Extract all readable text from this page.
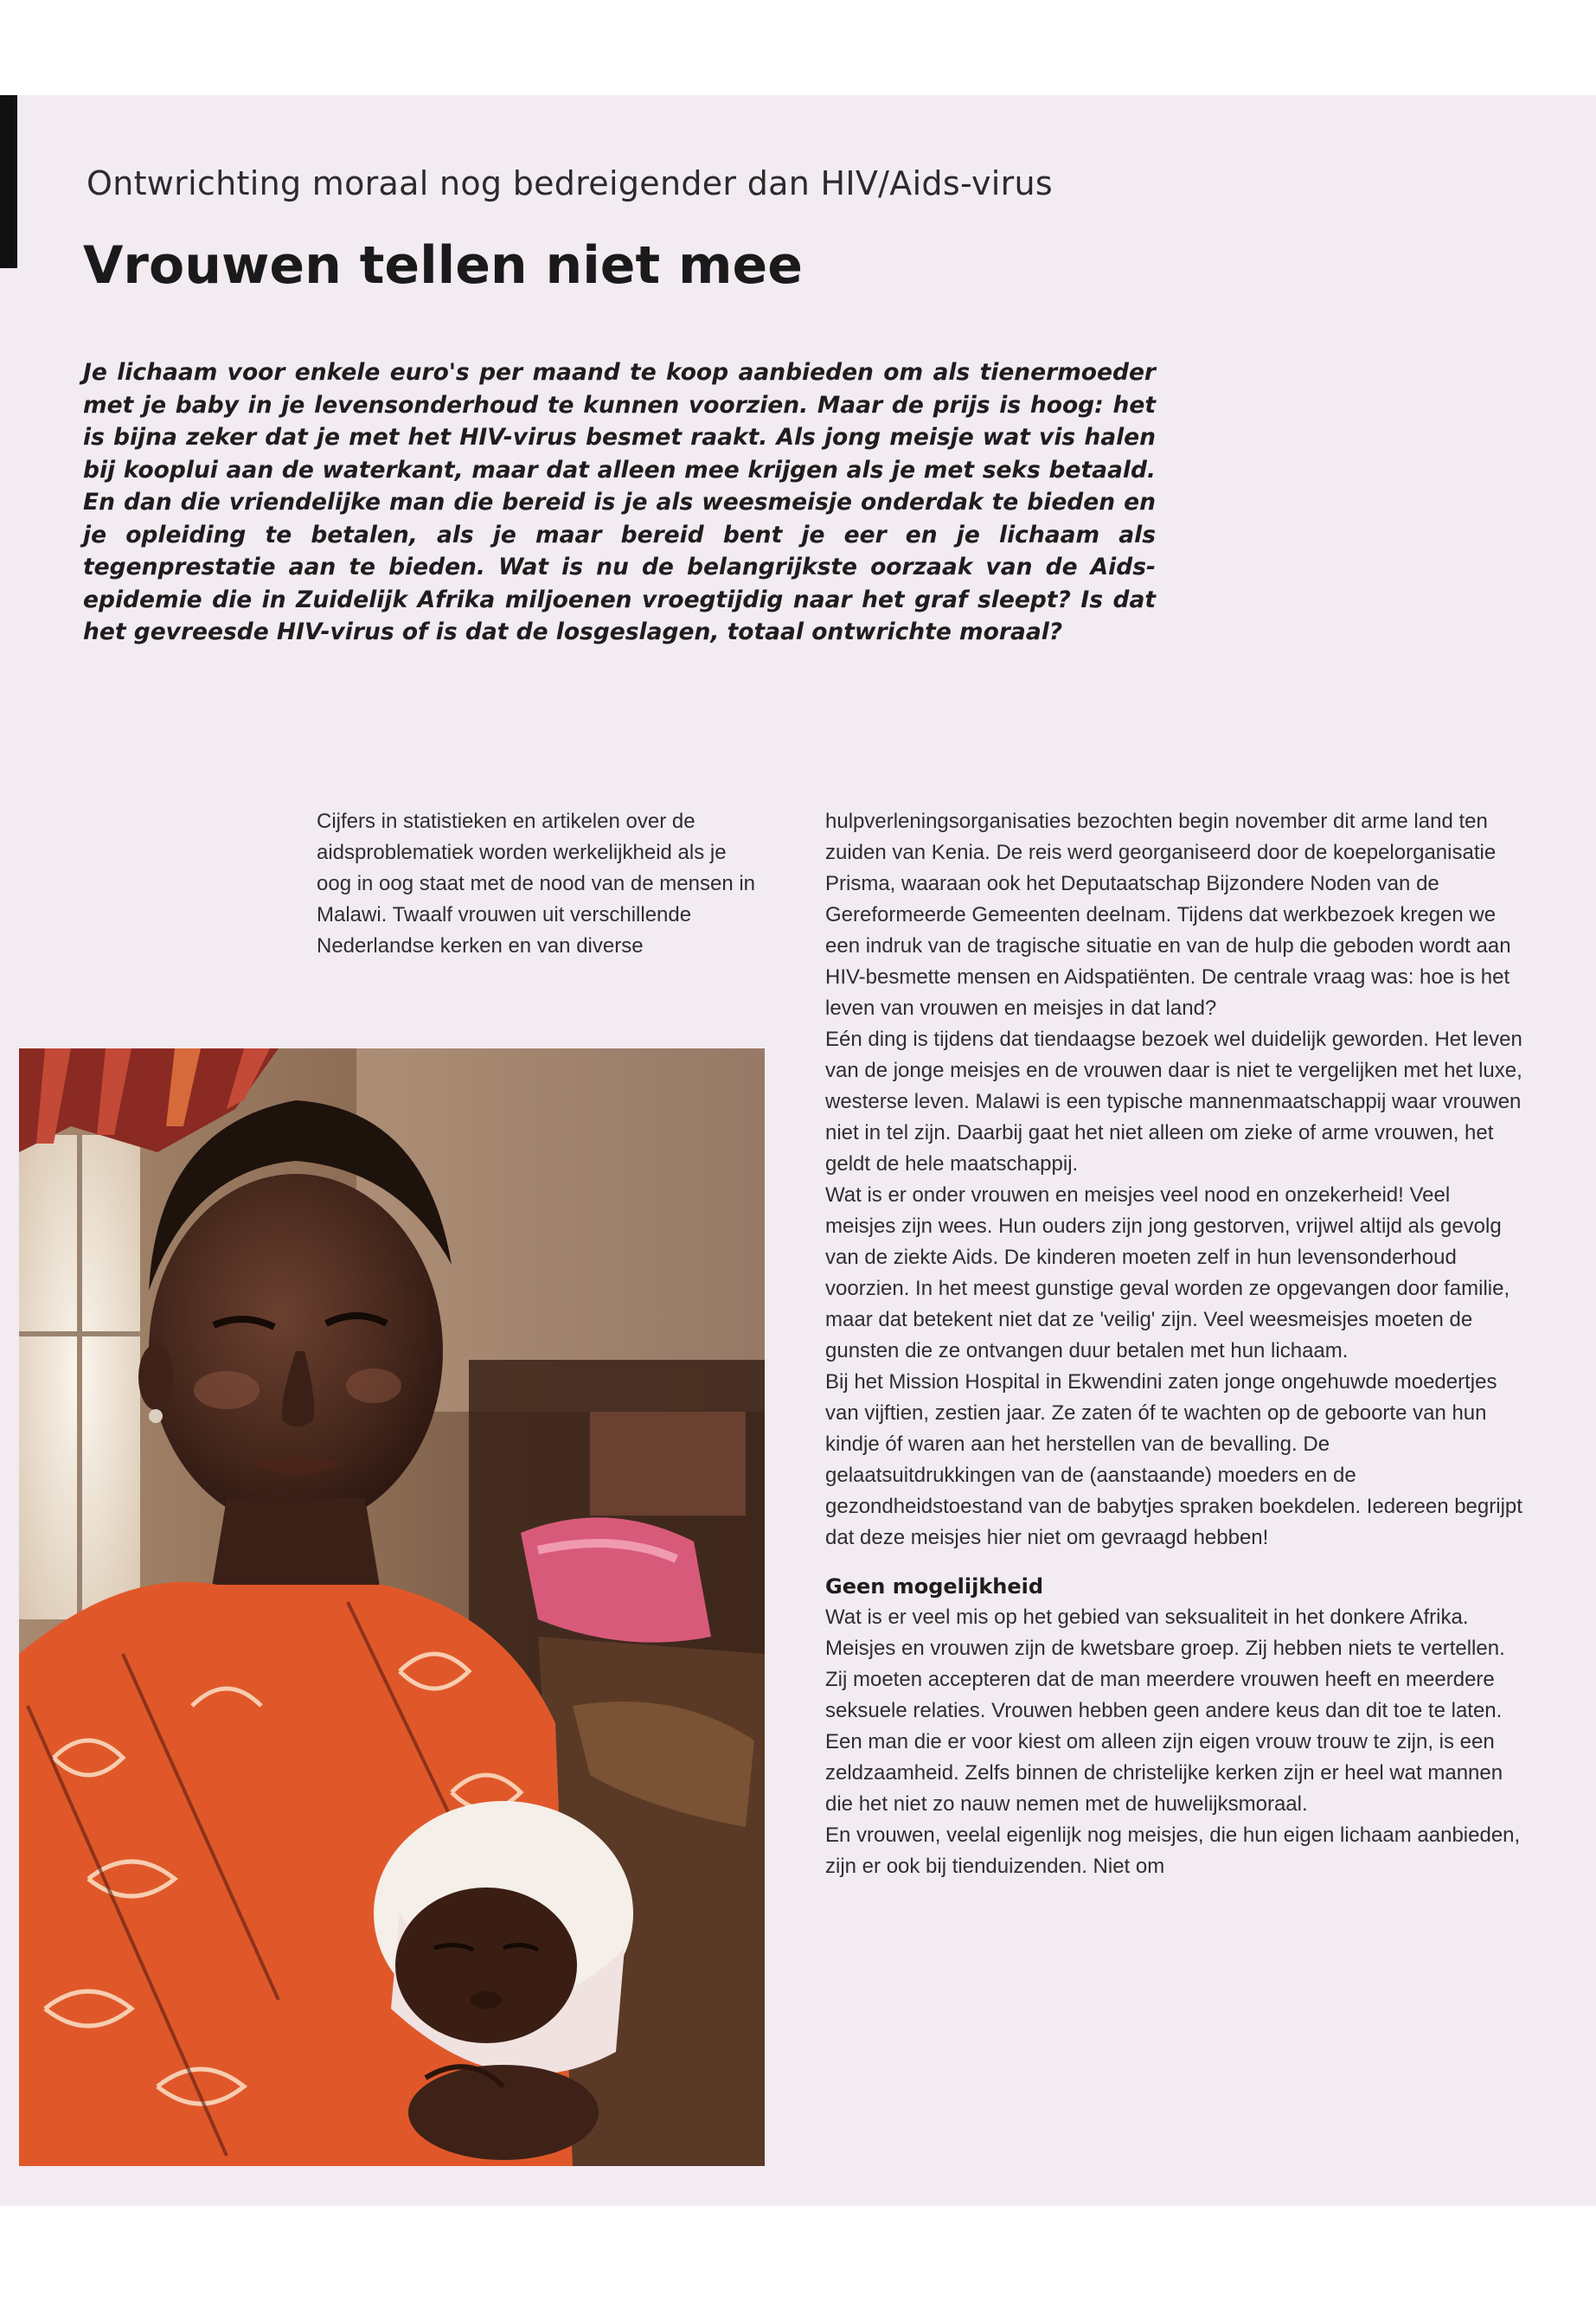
Ontwrichting moraal nog bedreigender dan HIV/Aids-virus
Vrouwen tellen niet mee
Je lichaam voor enkele euro's per maand te koop aanbieden om als tienermoeder met je baby in je levensonderhoud te kunnen voorzien. Maar de prijs is hoog: het is bijna zeker dat je met het HIV-virus besmet raakt. Als jong meisje wat vis halen bij kooplui aan de waterkant, maar dat alleen mee krijgen als je met seks betaald. En dan die vriendelijke man die bereid is je als weesmeisje onderdak te bieden en je opleiding te betalen, als je maar bereid bent je eer en je lichaam als tegenprestatie aan te bieden. Wat is nu de belangrijkste oorzaak van de Aids-epidemie die in Zuidelijk Afrika miljoenen vroegtijdig naar het graf sleept? Is dat het gevreesde HIV-virus of is dat de losgeslagen, totaal ontwrichte moraal?
Cijfers in statistieken en artikelen over de aidsproblematiek worden werkelijkheid als je oog in oog staat met de nood van de mensen in Malawi. Twaalf vrouwen uit verschillende Nederlandse kerken en van diverse

hulpverleningsorganisaties bezochten begin november dit arme land ten zuiden van Kenia. De reis werd georganiseerd door de koepelorganisatie Prisma, waaraan ook het Deputaatschap Bijzondere Noden van de Gereformeerde Gemeenten deelnam. Tijdens dat werkbezoek kregen we een indruk van de tragische situatie en van de hulp die geboden wordt aan HIV-besmette mensen en Aidspatiënten. De centrale vraag was: hoe is het leven van vrouwen en meisjes in dat land?

Eén ding is tijdens dat tiendaagse bezoek wel duidelijk geworden. Het leven van de jonge meisjes en de vrouwen daar is niet te vergelijken met het luxe, westerse leven. Malawi is een typische mannenmaatschappij waar vrouwen niet in tel zijn. Daarbij gaat het niet alleen om zieke of arme vrouwen, het geldt de hele maatschappij.

Wat is er onder vrouwen en meisjes veel nood en onzekerheid! Veel meisjes zijn wees. Hun ouders zijn jong gestorven, vrijwel altijd als gevolg van de ziekte Aids. De kinderen moeten zelf in hun levensonderhoud voorzien. In het meest gunstige geval worden ze opgevangen door familie, maar dat betekent niet dat ze 'veilig' zijn. Veel weesmeisjes moeten de gunsten die ze ontvangen duur betalen met hun lichaam.

Bij het Mission Hospital in Ekwendini zaten jonge ongehuwde moedertjes van vijftien, zestien jaar. Ze zaten óf te wachten op de geboorte van hun kindje óf waren aan het herstellen van de bevalling. De gelaatsuitdrukkingen van de (aanstaande) moeders en de gezondheidstoestand van de babytjes spraken boekdelen. Iedereen begrijpt dat deze meisjes hier niet om gevraagd hebben!

Geen mogelijkheid

Wat is er veel mis op het gebied van seksualiteit in het donkere Afrika. Meisjes en vrouwen zijn de kwetsbare groep. Zij hebben niets te vertellen. Zij moeten accepteren dat de man meerdere vrouwen heeft en meerdere seksuele relaties. Vrouwen hebben geen andere keus dan dit toe te laten. Een man die er voor kiest om alleen zijn eigen vrouw trouw te zijn, is een zeldzaamheid. Zelfs binnen de christelijke kerken zijn er heel wat mannen die het niet zo nauw nemen met de huwelijksmoraal.

En vrouwen, veelal eigenlijk nog meisjes, die hun eigen lichaam aanbieden, zijn er ook bij tienduizenden. Niet om
